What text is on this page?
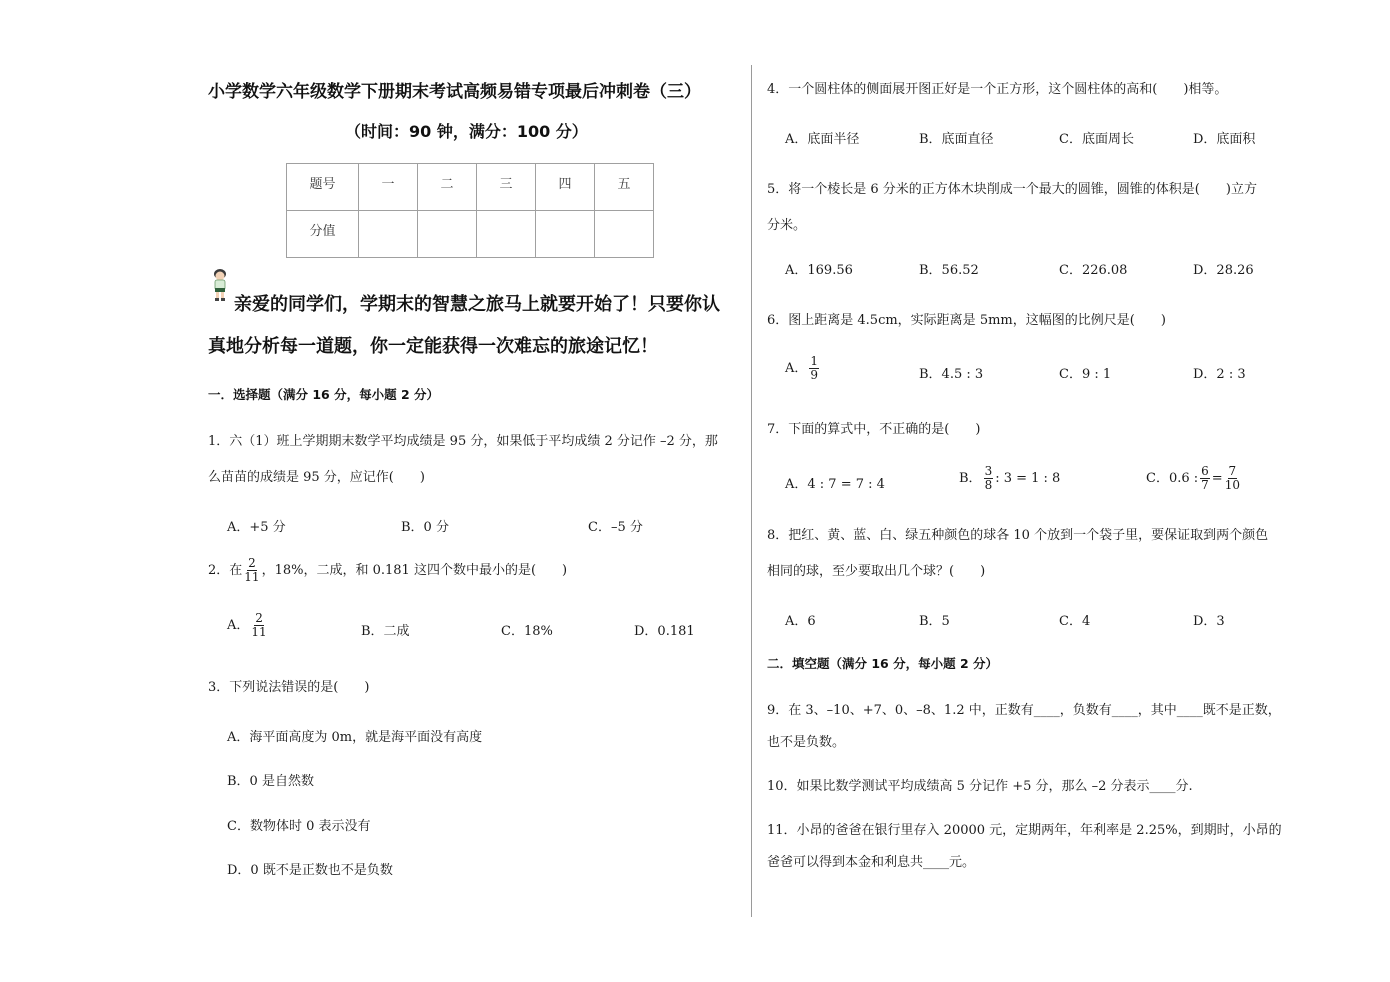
小学数学六年级数学下册期末考试高频易错专项最后冲刺卷（三）
（时间：90 钟，满分：100 分）
题号	一	二	三	四	五
分值					
亲爱的同学们，学期末的智慧之旅马上就要开始了！只要你认
真地分析每一道题，你一定能获得一次难忘的旅途记忆！
一．选择题（满分 16 分，每小题 2 分）
1．六（1）班上学期期末数学平均成绩是 95 分，如果低于平均成绩 2 分记作 –2 分，那
么苗苗的成绩是 95 分，应记作(　　)
A．+5 分	B．0 分	C．–5 分
2．在 $\frac{2}{11}$ ，18%，二成，和 0.181 这四个数中最小的是(　　)
A． $\frac{2}{11}$	B．二成	C．18%	D．0.181
3．下列说法错误的是(　　)
A．海平面高度为 0m，就是海平面没有高度
B．0 是自然数
C．数物体时 0 表示没有
D．0 既不是正数也不是负数
4．一个圆柱体的侧面展开图正好是一个正方形，这个圆柱体的高和(　　)相等。
A．底面半径	B．底面直径	C．底面周长	D．底面积
5．将一个棱长是 6 分米的正方体木块削成一个最大的圆锥，圆锥的体积是(　　)立方
分米。
A．169.56	B．56.52	C．226.08	D．28.26
6．图上距离是 4.5cm，实际距离是 5mm，这幅图的比例尺是(　　)
A． $\frac{1}{9}$	B．4.5 : 3	C．9 : 1	D．2 : 3
7．下面的算式中，不正确的是(　　)
A．4 : 7 = 7 : 4	B． $\frac{3}{8}$ : 3 = 1 : 8	C．0.6 : $\frac{6}{7} = \frac{7}{10}$
8．把红、黄、蓝、白、绿五种颜色的球各 10 个放到一个袋子里，要保证取到两个颜色
相同的球，至少要取出几个球？(　　)
A．6	B．5	C．4	D．3
二．填空题（满分 16 分，每小题 2 分）
9．在 3、–10、+7、0、–8、1.2 中，正数有____，负数有____，其中____既不是正数，
也不是负数。
10．如果比数学测试平均成绩高 5 分记作 +5 分，那么 –2 分表示____分.
11．小昂的爸爸在银行里存入 20000 元，定期两年，年利率是 2.25%，到期时，小昂的
爸爸可以得到本金和利息共____元。
